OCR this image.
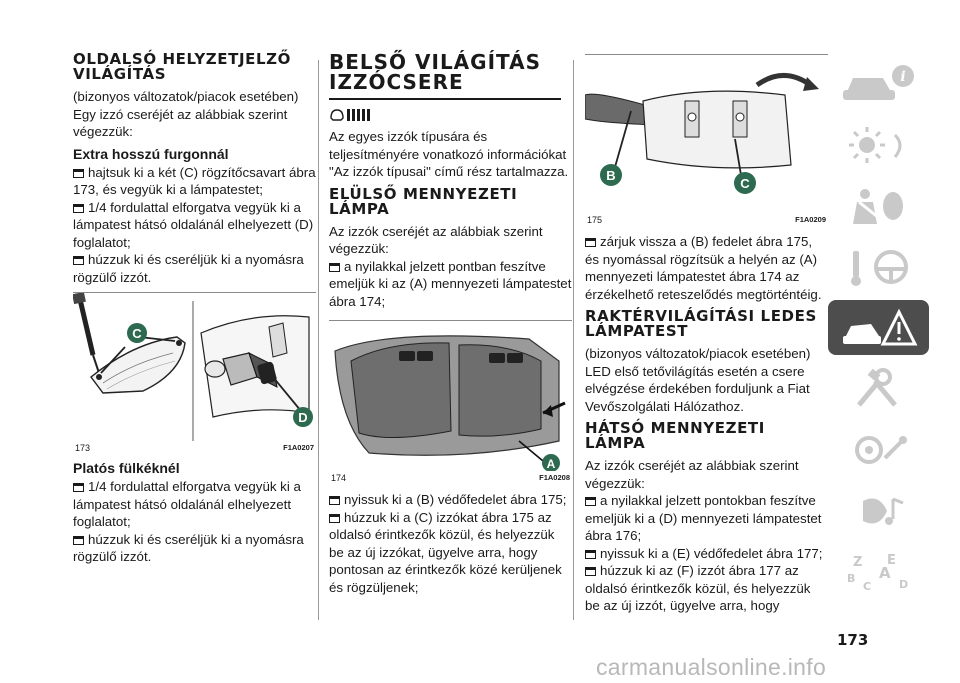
OLDALSÓ HELYZETJELZŐ VILÁGÍTÁS

(bizonyos változatok/piacok esetében)

Egy izzó cseréjét az alábbiak szerint végezzük:

Extra hosszú furgonnál

hajtsuk ki a két (C) rögzítőcsavart ábra 173, és vegyük ki a lámpatestet;

1/4 fordulattal elforgatva vegyük ki a lámpatest hátsó oldalánál elhelyezett (D) foglalatot;

húzzuk ki és cseréljük ki a nyomásra rögzülő izzót.

C
D
173	F1A0207
Platós fülkéknél

1/4 fordulattal elforgatva vegyük ki a lámpatest hátsó oldalánál elhelyezett foglalatot;

húzzuk ki és cseréljük ki a nyomásra rögzülő izzót.

BELSŐ VILÁGÍTÁS IZZÓCSERE

Az egyes izzók típusára és teljesítményére vonatkozó információkat "Az izzók típusai" című rész tartalmazza.

ELÜLSŐ MENNYEZETI LÁMPA

Az izzók cseréjét az alábbiak szerint végezzük:

a nyilakkal jelzett pontban feszítve emeljük ki az (A) mennyezeti lámpatestet ábra 174;

A
174	F1A0208

nyissuk ki a (B) védőfedelet ábra 175;

húzzuk ki a (C) izzókat ábra 175 az oldalsó érintkezők közül, és helyezzük be az új izzókat, ügyelve arra, hogy pontosan az érintkezők közé kerüljenek és rögzüljenek;

B
C
175	F1A0209

zárjuk vissza a (B) fedelet ábra 175, és nyomással rögzítsük a helyén az (A) mennyezeti lámpatestet ábra 174 az érzékelhető reteszelődés megtörténtéig.

RAKTÉRVILÁGÍTÁSI LEDES LÁMPATEST

(bizonyos változatok/piacok esetében)

LED első tetővilágítás esetén a csere elvégzése érdekében forduljunk a Fiat Vevőszolgálati Hálózathoz.

HÁTSÓ MENNYEZETI LÁMPA

Az izzók cseréjét az alábbiak szerint végezzük:

a nyilakkal jelzett pontokban feszítve emeljük ki a (D) mennyezeti lámpatestet ábra 176;

nyissuk ki a (E) védőfedelet ábra 177;

húzzuk ki az (F) izzót ábra 177 az oldalsó érintkezők közül, és helyezzük be az új izzót, ügyelve arra, hogy

i
Z E
B A
C	D
173
carmanualsonline.info
